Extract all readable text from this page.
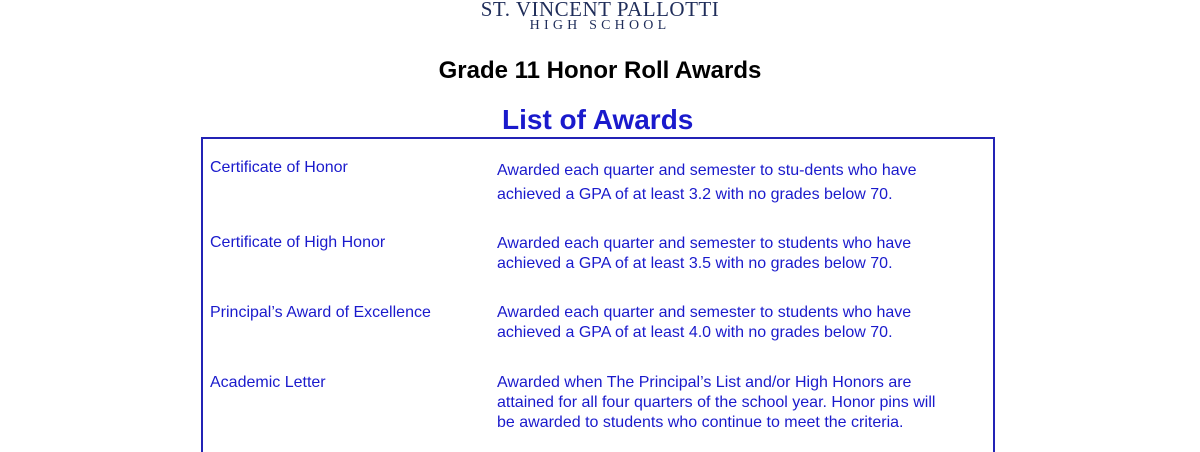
ST. VINCENT PALLOTTI
HIGH SCHOOL
Grade 11 Honor Roll Awards
List of Awards
Certificate of Honor	Awarded each quarter and semester to stu-dents who have
achieved a GPA of at least 3.2 with no grades below 70.
Certificate of High Honor	Awarded each quarter and semester to students who have
achieved a GPA of at least 3.5 with no grades below 70.
Principal’s Award of Excellence	Awarded each quarter and semester to students who have
achieved a GPA of at least 4.0 with no grades below 70.
Academic Letter	Awarded when The Principal’s List and/or High Honors are
attained for all four quarters of the school year. Honor pins will
be awarded to students who continue to meet the criteria.
